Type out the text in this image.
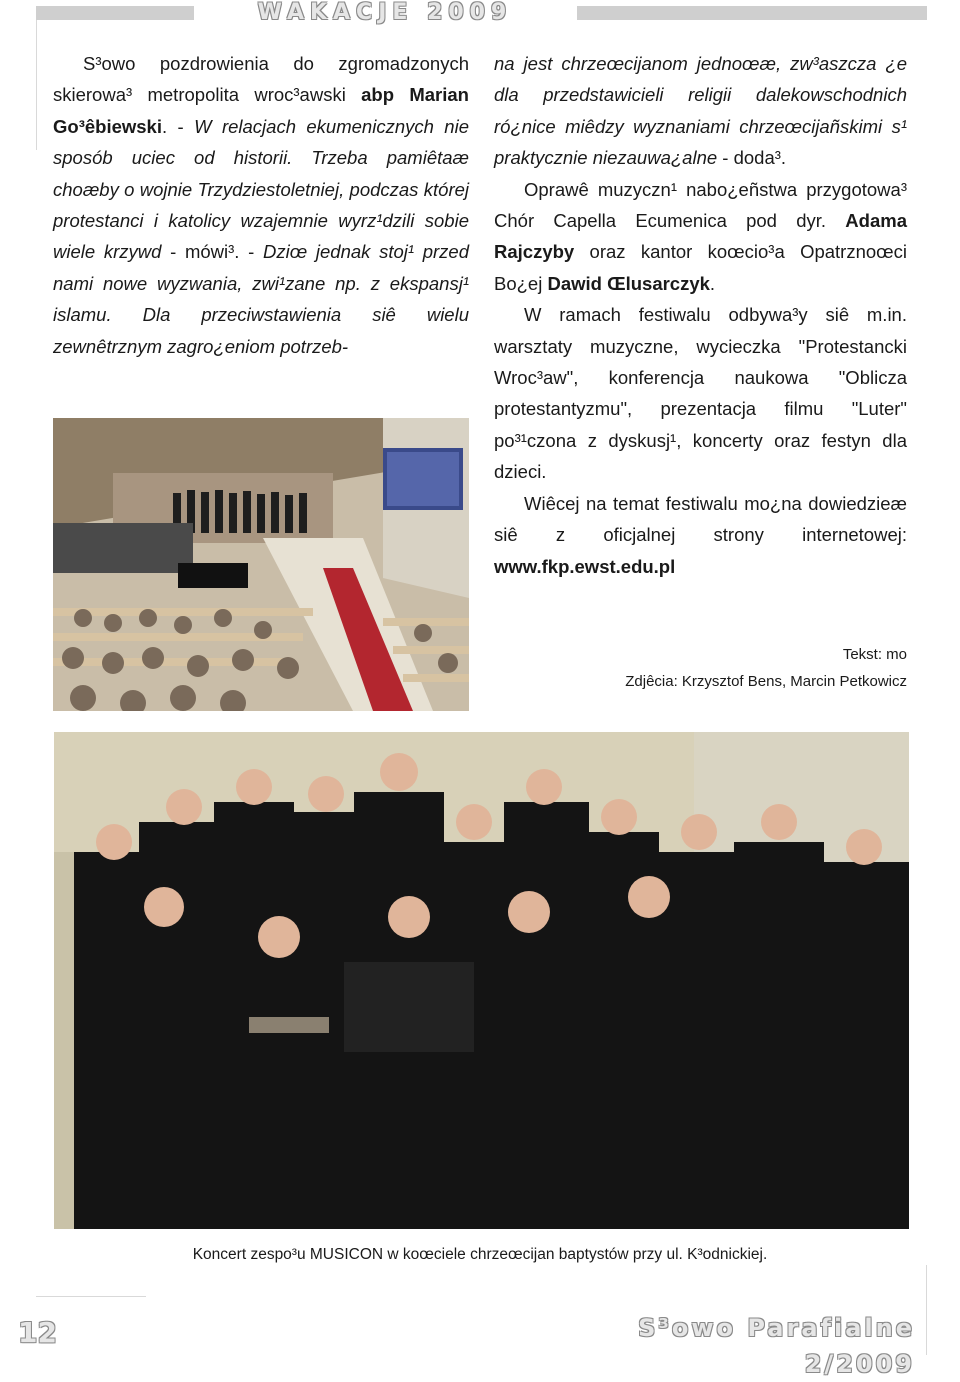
WAKACJE 2009

S³owo pozdrowienia do zgromadzonych skierowa³ metropolita wroc³awski abp Marian Go³êbiewski. - W relacjach ekumenicznych nie sposób uciec od historii. Trzeba pamiêtaæ choæby o wojnie Trzydziestoletniej, podczas której protestanci i katolicy wzajemnie wyrz¹dzili sobie wiele krzywd - mówi³. - Dziœ jednak stoj¹ przed nami nowe wyzwania, zwi¹zane np. z ekspansj¹ islamu. Dla przeciwstawienia siê wielu zewnêtrznym zagro¿eniom potrzeb-

na jest chrzeœcijanom jednoœæ, zw³aszcza ¿e dla przedstawicieli religii dalekowschodnich ró¿nice miêdzy wyznaniami chrzeœcijañskimi s¹ praktycznie niezauwa¿alne - doda³.

Oprawê muzyczn¹ nabo¿eñstwa przygotowa³ Chór Capella Ecumenica pod dyr. Adama Rajczyby oraz kantor koœcio³a Opatrznoœci Bo¿ej Dawid Œlusarczyk.

W ramach festiwalu odbywa³y siê m.in. warsztaty muzyczne, wycieczka "Protestancki Wroc³aw", konferencja naukowa "Oblicza protestantyzmu", prezentacja filmu "Luter" po³¹czona z dyskusj¹, koncerty oraz festyn dla dzieci.

Wiêcej na temat festiwalu mo¿na dowiedzieæ siê z oficjalnej strony internetowej: www.fkp.ewst.edu.pl

Tekst: mo
Zdjêcia: Krzysztof Bens, Marcin Petkowicz
Koncert zespo³u MUSICON w koœciele chrzeœcijan baptystów przy ul. K³odnickiej.
12	S³owo Parafialne
2/2009
